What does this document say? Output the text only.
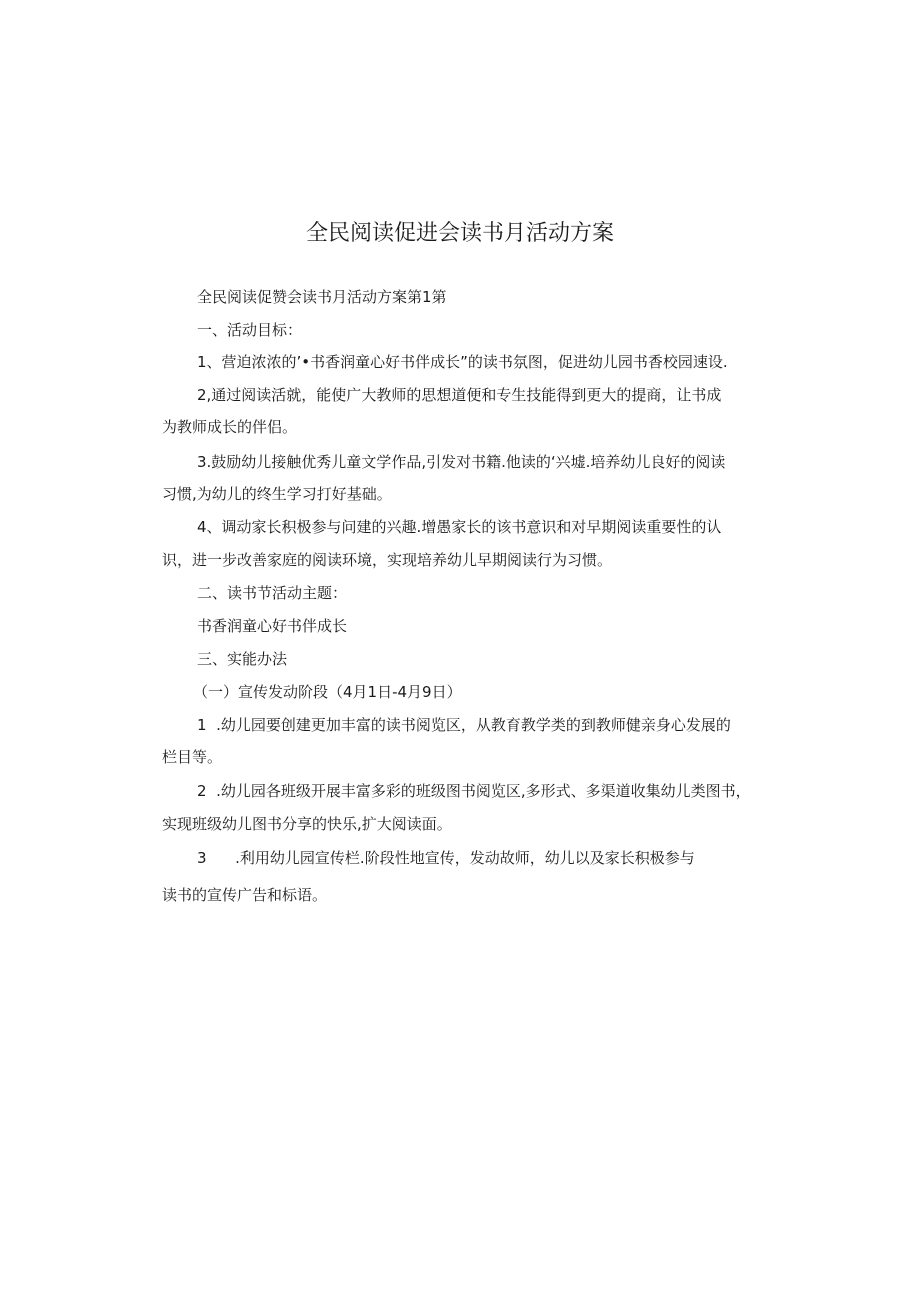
全民阅读促进会读书月活动方案
全民阅读促赞会读书月活动方案第1第
一、活动目标：
1、营迫浓浓的’•书香润童心好书伴成长”的读书氛图，促进幼儿园书香校园速设.
2,通过阅读活就，能使广大教师的思想道便和专生技能得到更大的提商，让书成
为教师成长的伴侣。
3.鼓励幼儿接触优秀儿童文学作品,引发对书籍.他读的‘兴墟.培养幼儿良好的阅读
习惯,为幼儿的终生学习打好基础。
4、调动家长积极参与问建的兴趣.增愚家长的该书意识和对早期阅读重要性的认
识，进一步改善家庭的阅读环境，实现培养幼儿早期阅读行为习惯。
二、读书节活动主题：
书香润童心好书伴成长
三、实能办法
（一）宣传发动阶段（4月1日-4月9日）
1  .幼儿园要创建更加丰富的读书阅览区，从教育教学类的到教师健亲身心发展的
栏目等。
2  .幼儿园各班级开展丰富多彩的班级图书阅览区,多形式、多渠道收集幼儿类图书，
实现班级幼儿图书分享的快乐,扩大阅读面。
3      .利用幼儿园宣传栏.阶段性地宣传，发动故师，幼儿以及家长积极参与
读书的宣传广告和标语。
